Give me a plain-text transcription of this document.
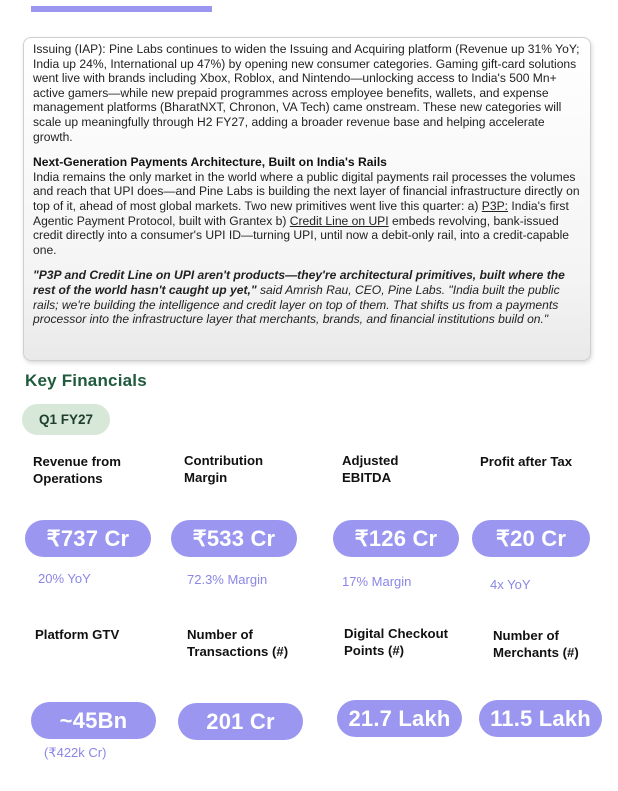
Issuing (IAP): Pine Labs continues to widen the Issuing and Acquiring platform (Revenue up 31% YoY; India up 24%, International up 47%) by opening new consumer categories. Gaming gift-card solutions went live with brands including Xbox, Roblox, and Nintendo—unlocking access to India's 500 Mn+ active gamers—while new prepaid programmes across employee benefits, wallets, and expense management platforms (BharatNXT, Chronon, VA Tech) came onstream. These new categories will scale up meaningfully through H2 FY27, adding a broader revenue base and helping accelerate growth.

Next-Generation Payments Architecture, Built on India's Rails

India remains the only market in the world where a public digital payments rail processes the volumes and reach that UPI does—and Pine Labs is building the next layer of financial infrastructure directly on top of it, ahead of most global markets. Two new primitives went live this quarter: a) P3P: India's first Agentic Payment Protocol, built with Grantex b) Credit Line on UPI embeds revolving, bank-issued credit directly into a consumer's UPI ID—turning UPI, until now a debit-only rail, into a credit-capable one.

"P3P and Credit Line on UPI aren't products—they're architectural primitives, built where the rest of the world hasn't caught up yet," said Amrish Rau, CEO, Pine Labs. "India built the public rails; we're building the intelligence and credit layer on top of them. That shifts us from a payments processor into the infrastructure layer that merchants, brands, and financial institutions build on."

Key Financials
Q1 FY27
Revenue from Operations
Contribution Margin
Adjusted EBITDA
Profit after Tax
₹737 Cr	₹533 Cr	₹126 Cr	₹20 Cr
20% YoY	72.3% Margin	17% Margin	4x YoY
Platform GTV	Number of Transactions (#)
Digital Checkout Points (#)
Number of Merchants (#)
~45Bn	201 Cr	21.7 Lakh	11.5 Lakh
(₹422k Cr)
